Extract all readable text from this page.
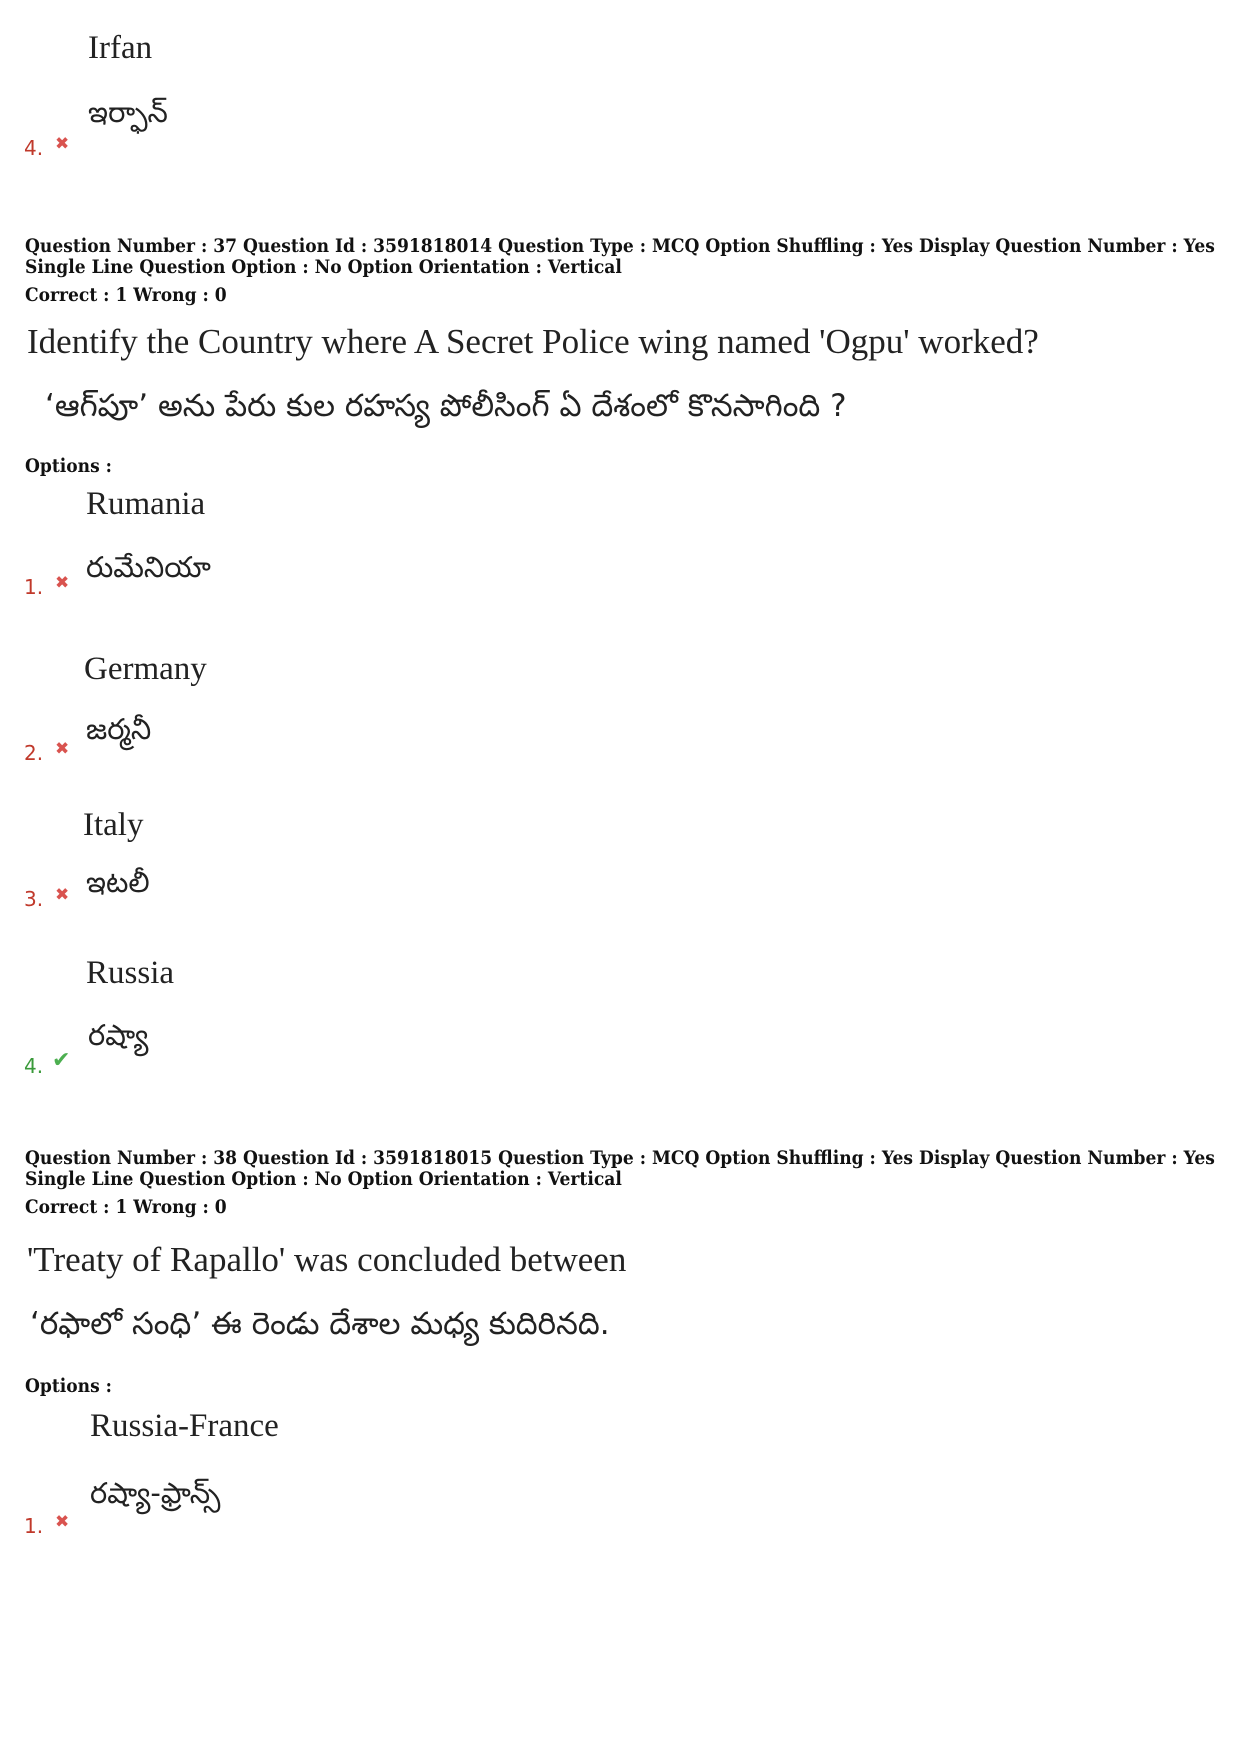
Irfan
ఇర్ఫాన్
4. ✖
Question Number : 37 Question Id : 3591818014 Question Type : MCQ Option Shuffling : Yes Display Question Number : Yes
Single Line Question Option : No Option Orientation : Vertical
Correct : 1 Wrong : 0
Identify the Country where A Secret Police wing named 'Ogpu' worked?
‘ఆగ్‌పూ’ అను పేరు కుల రహస్య పోలీసింగ్ ఏ దేశంలో కొనసాగింది ?
Options :
Rumania
రుమేనియా
1. ✖
Germany
జర్మనీ
2. ✖
Italy
ఇటలీ
3. ✖
Russia
రష్యా
4. ✔
Question Number : 38 Question Id : 3591818015 Question Type : MCQ Option Shuffling : Yes Display Question Number : Yes
Single Line Question Option : No Option Orientation : Vertical
Correct : 1 Wrong : 0
'Treaty of Rapallo' was concluded between
‘రఫాలో సంధి’ ఈ రెండు దేశాల మధ్య కుదిరినది.
Options :
Russia-France
రష్యా-ఫ్రాన్స్
1. ✖
